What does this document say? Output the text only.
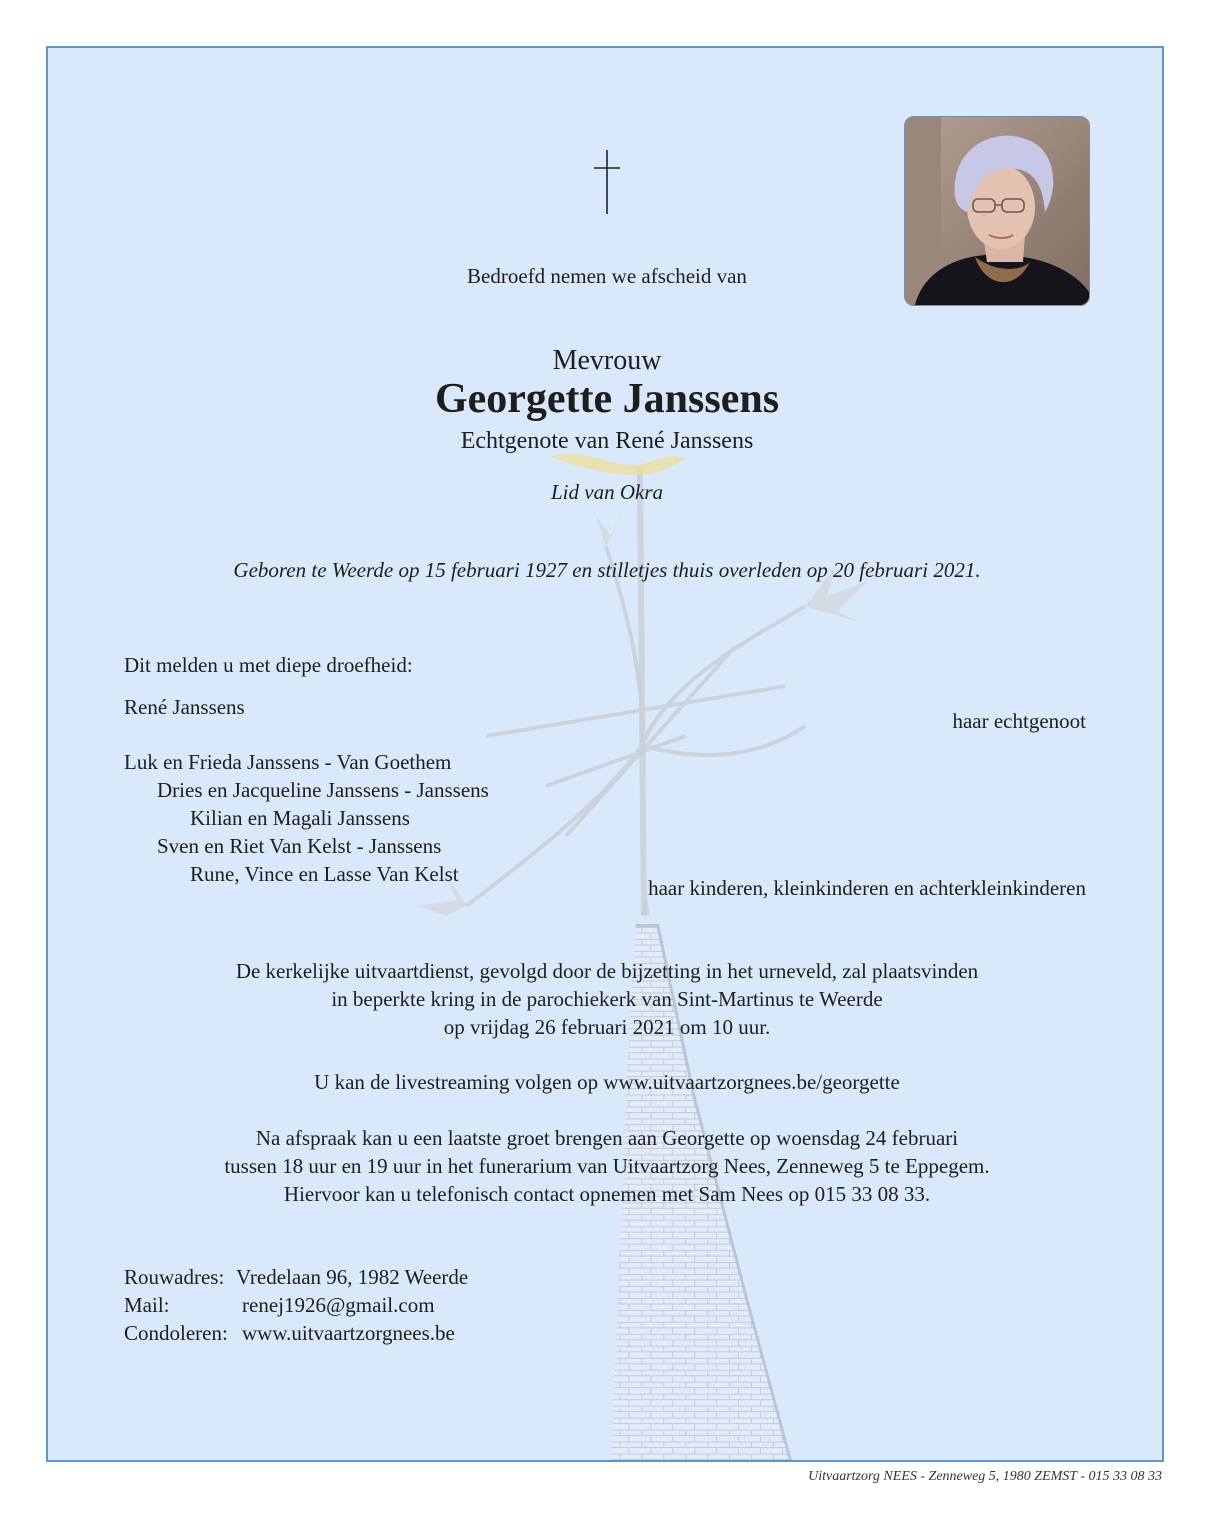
Bedroefd nemen we afscheid van
Mevrouw
Georgette Janssens
Echtgenote van René Janssens
Lid van Okra
Geboren te Weerde op 15 februari 1927 en stilletjes thuis overleden op 20 februari 2021.
Dit melden u met diepe droefheid:
René Janssens
haar echtgenoot
Luk en Frieda Janssens - Van Goethem
Dries en Jacqueline Janssens - Janssens
Kilian en Magali Janssens
Sven en Riet Van Kelst - Janssens
Rune, Vince en Lasse Van Kelst
haar kinderen, kleinkinderen en achterkleinkinderen
De kerkelijke uitvaartdienst, gevolgd door de bijzetting in het urneveld, zal plaatsvinden
in beperkte kring in de parochiekerk van Sint-Martinus te Weerde
op vrijdag 26 februari 2021 om 10 uur.
U kan de livestreaming volgen op www.uitvaartzorgnees.be/georgette
Na afspraak kan u een laatste groet brengen aan Georgette op woensdag 24 februari
tussen 18 uur en 19 uur in het funerarium van Uitvaartzorg Nees, Zenneweg 5 te Eppegem.
Hiervoor kan u telefonisch contact opnemen met Sam Nees op 015 33 08 33.
Rouwadres: Vredelaan 96, 1982 Weerde
Mail:	renej1926@gmail.com
Condoleren: www.uitvaartzorgnees.be
Uitvaartzorg NEES - Zenneweg 5, 1980 ZEMST - 015 33 08 33
